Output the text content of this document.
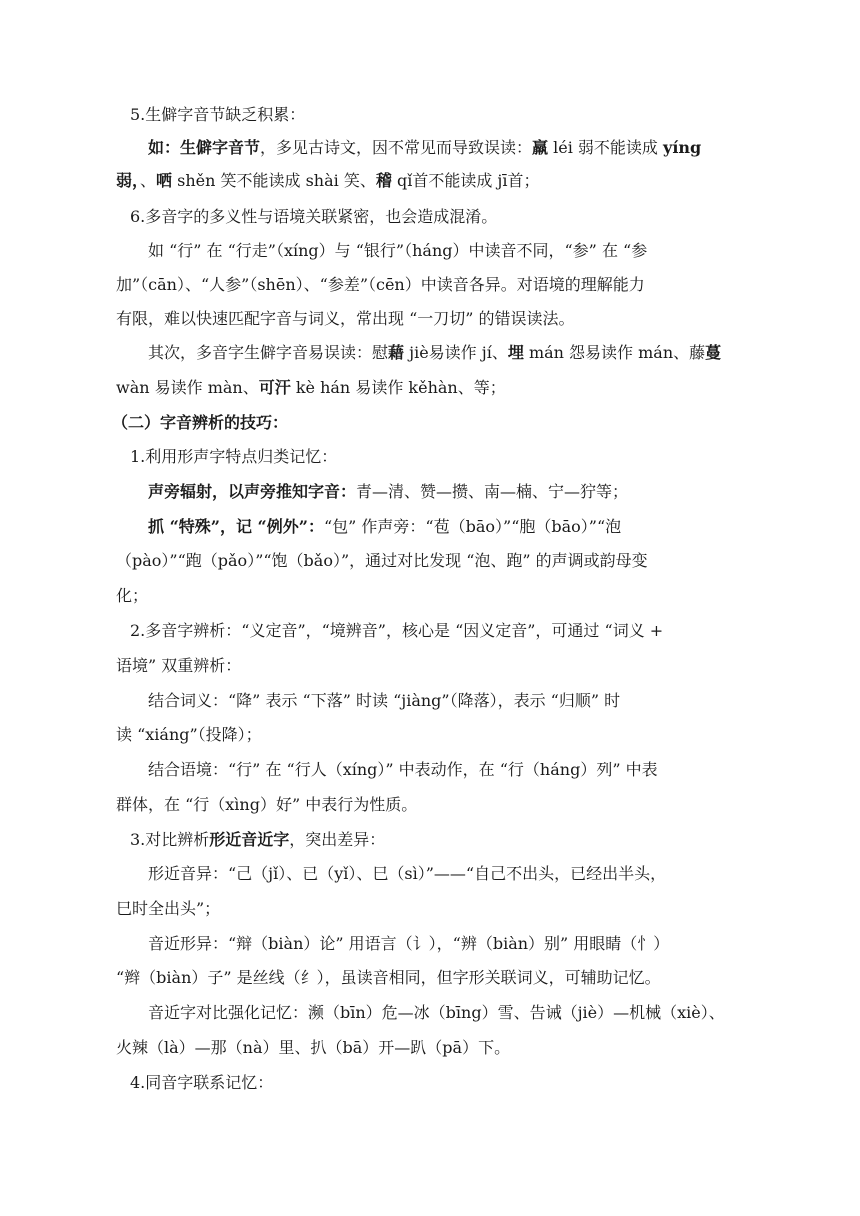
5.生僻字音节缺乏积累：
如：生僻字音节，多见古诗文，因不常见而导致误读：羸 léi 弱不能读成 yíng
弱，、哂 shěn 笑不能读成 shài 笑、稽 qǐ首不能读成 jī首；
6.多音字的多义性与语境关联紧密，也会造成混淆。
如 “行” 在 “行走”（xíng）与 “银行”（háng）中读音不同，“参” 在 “参
加”（cān）、“人参”（shēn）、“参差”（cēn）中读音各异。对语境的理解能力
有限，难以快速匹配字音与词义，常出现 “一刀切” 的错误读法。
其次，多音字生僻字音易误读：慰藉 jiè易读作 jí、埋 mán 怨易读作 mán、藤蔓
wàn 易读作 màn、可汗 kè hán 易读作 kěhàn、等；
（二）字音辨析的技巧：
1.利用形声字特点归类记忆：
声旁辐射，以声旁推知字音：青—清、赞—攒、南—楠、宁—狞等；
抓 “特殊”，记 “例外”：“包” 作声旁：“苞（bāo）”“胞（bāo）”“泡
（pào）”“跑（pǎo）”“饱（bǎo）”，通过对比发现 “泡、跑” 的声调或韵母变
化；
2.多音字辨析：“义定音”，“境辨音”，核心是 “因义定音”，可通过 “词义 +
语境” 双重辨析：
结合词义：“降” 表示 “下落” 时读 “jiàng”（降落），表示 “归顺” 时
读 “xiáng”（投降）；
结合语境：“行” 在 “行人（xíng）” 中表动作，在 “行（háng）列” 中表
群体，在 “行（xìng）好” 中表行为性质。
3.对比辨析形近音近字，突出差异：
形近音异：“己（jǐ）、已（yǐ）、巳（sì）”——“自己不出头，已经出半头，
巳时全出头”；
音近形异：“辩（biàn）论” 用语言（讠），“辨（biàn）别” 用眼睛（忄）
“辫（biàn）子” 是丝线（纟），虽读音相同，但字形关联词义，可辅助记忆。
音近字对比强化记忆：濒（bīn）危—冰（bīng）雪、告诫（jiè）—机械（xiè）、
火辣（là）—那（nà）里、扒（bā）开—趴（pā）下。
4.同音字联系记忆：
